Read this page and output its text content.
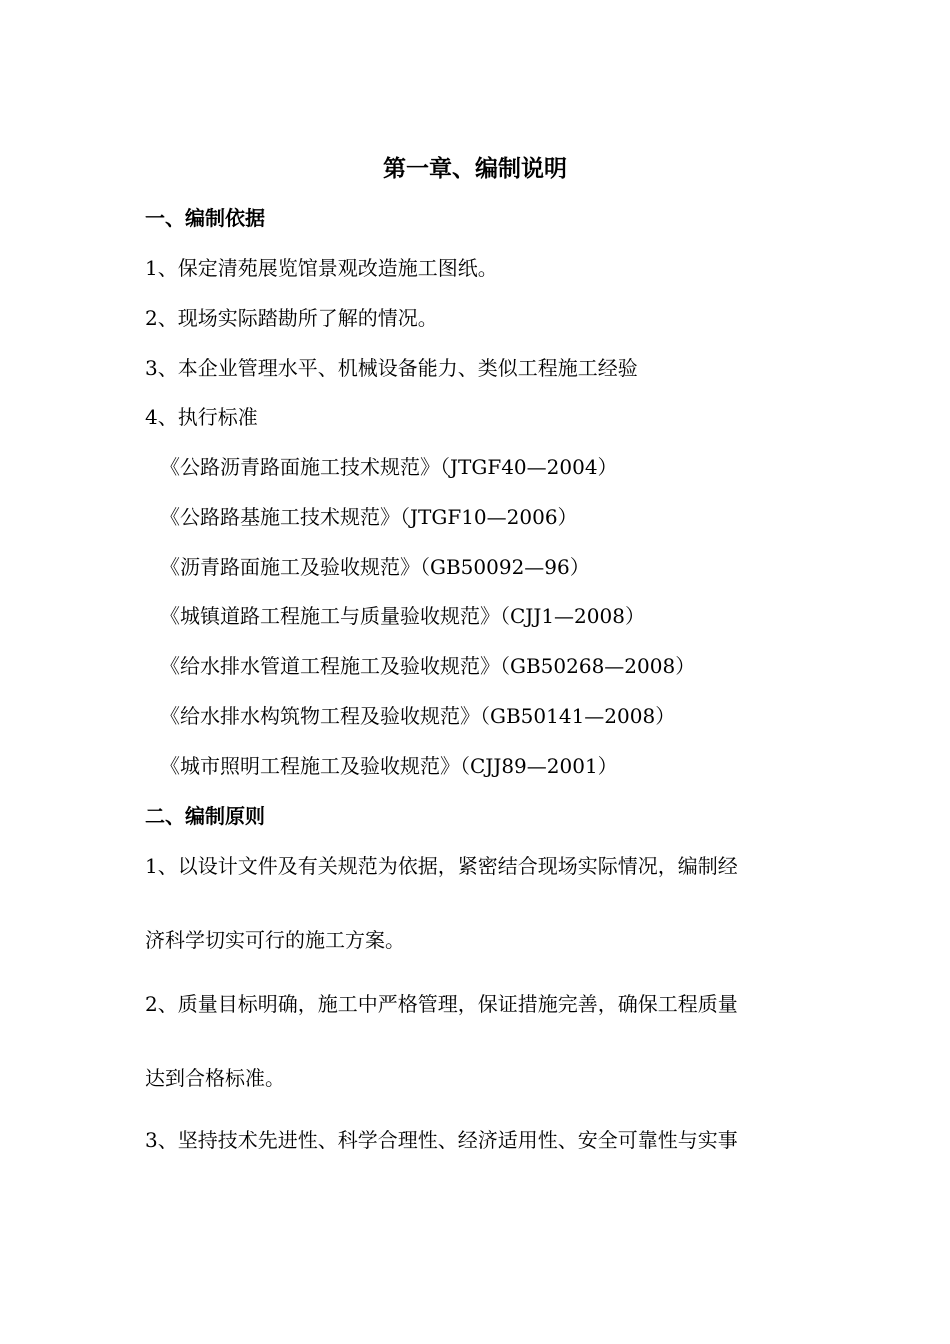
第一章、编制说明
一、编制依据
1、保定清苑展览馆景观改造施工图纸。
2、现场实际踏勘所了解的情况。
3、本企业管理水平、机械设备能力、类似工程施工经验
4、执行标准
《公路沥青路面施工技术规范》（JTGF40—2004）
《公路路基施工技术规范》（JTGF10—2006）
《沥青路面施工及验收规范》（GB50092—96）
《城镇道路工程施工与质量验收规范》（CJJ1—2008）
《给水排水管道工程施工及验收规范》（GB50268—2008）
《给水排水构筑物工程及验收规范》（GB50141—2008）
《城市照明工程施工及验收规范》（CJJ89—2001）
二、编制原则
1、以设计文件及有关规范为依据，紧密结合现场实际情况，编制经
济科学切实可行的施工方案。
2、质量目标明确，施工中严格管理，保证措施完善，确保工程质量
达到合格标准。
3、坚持技术先进性、科学合理性、经济适用性、安全可靠性与实事
